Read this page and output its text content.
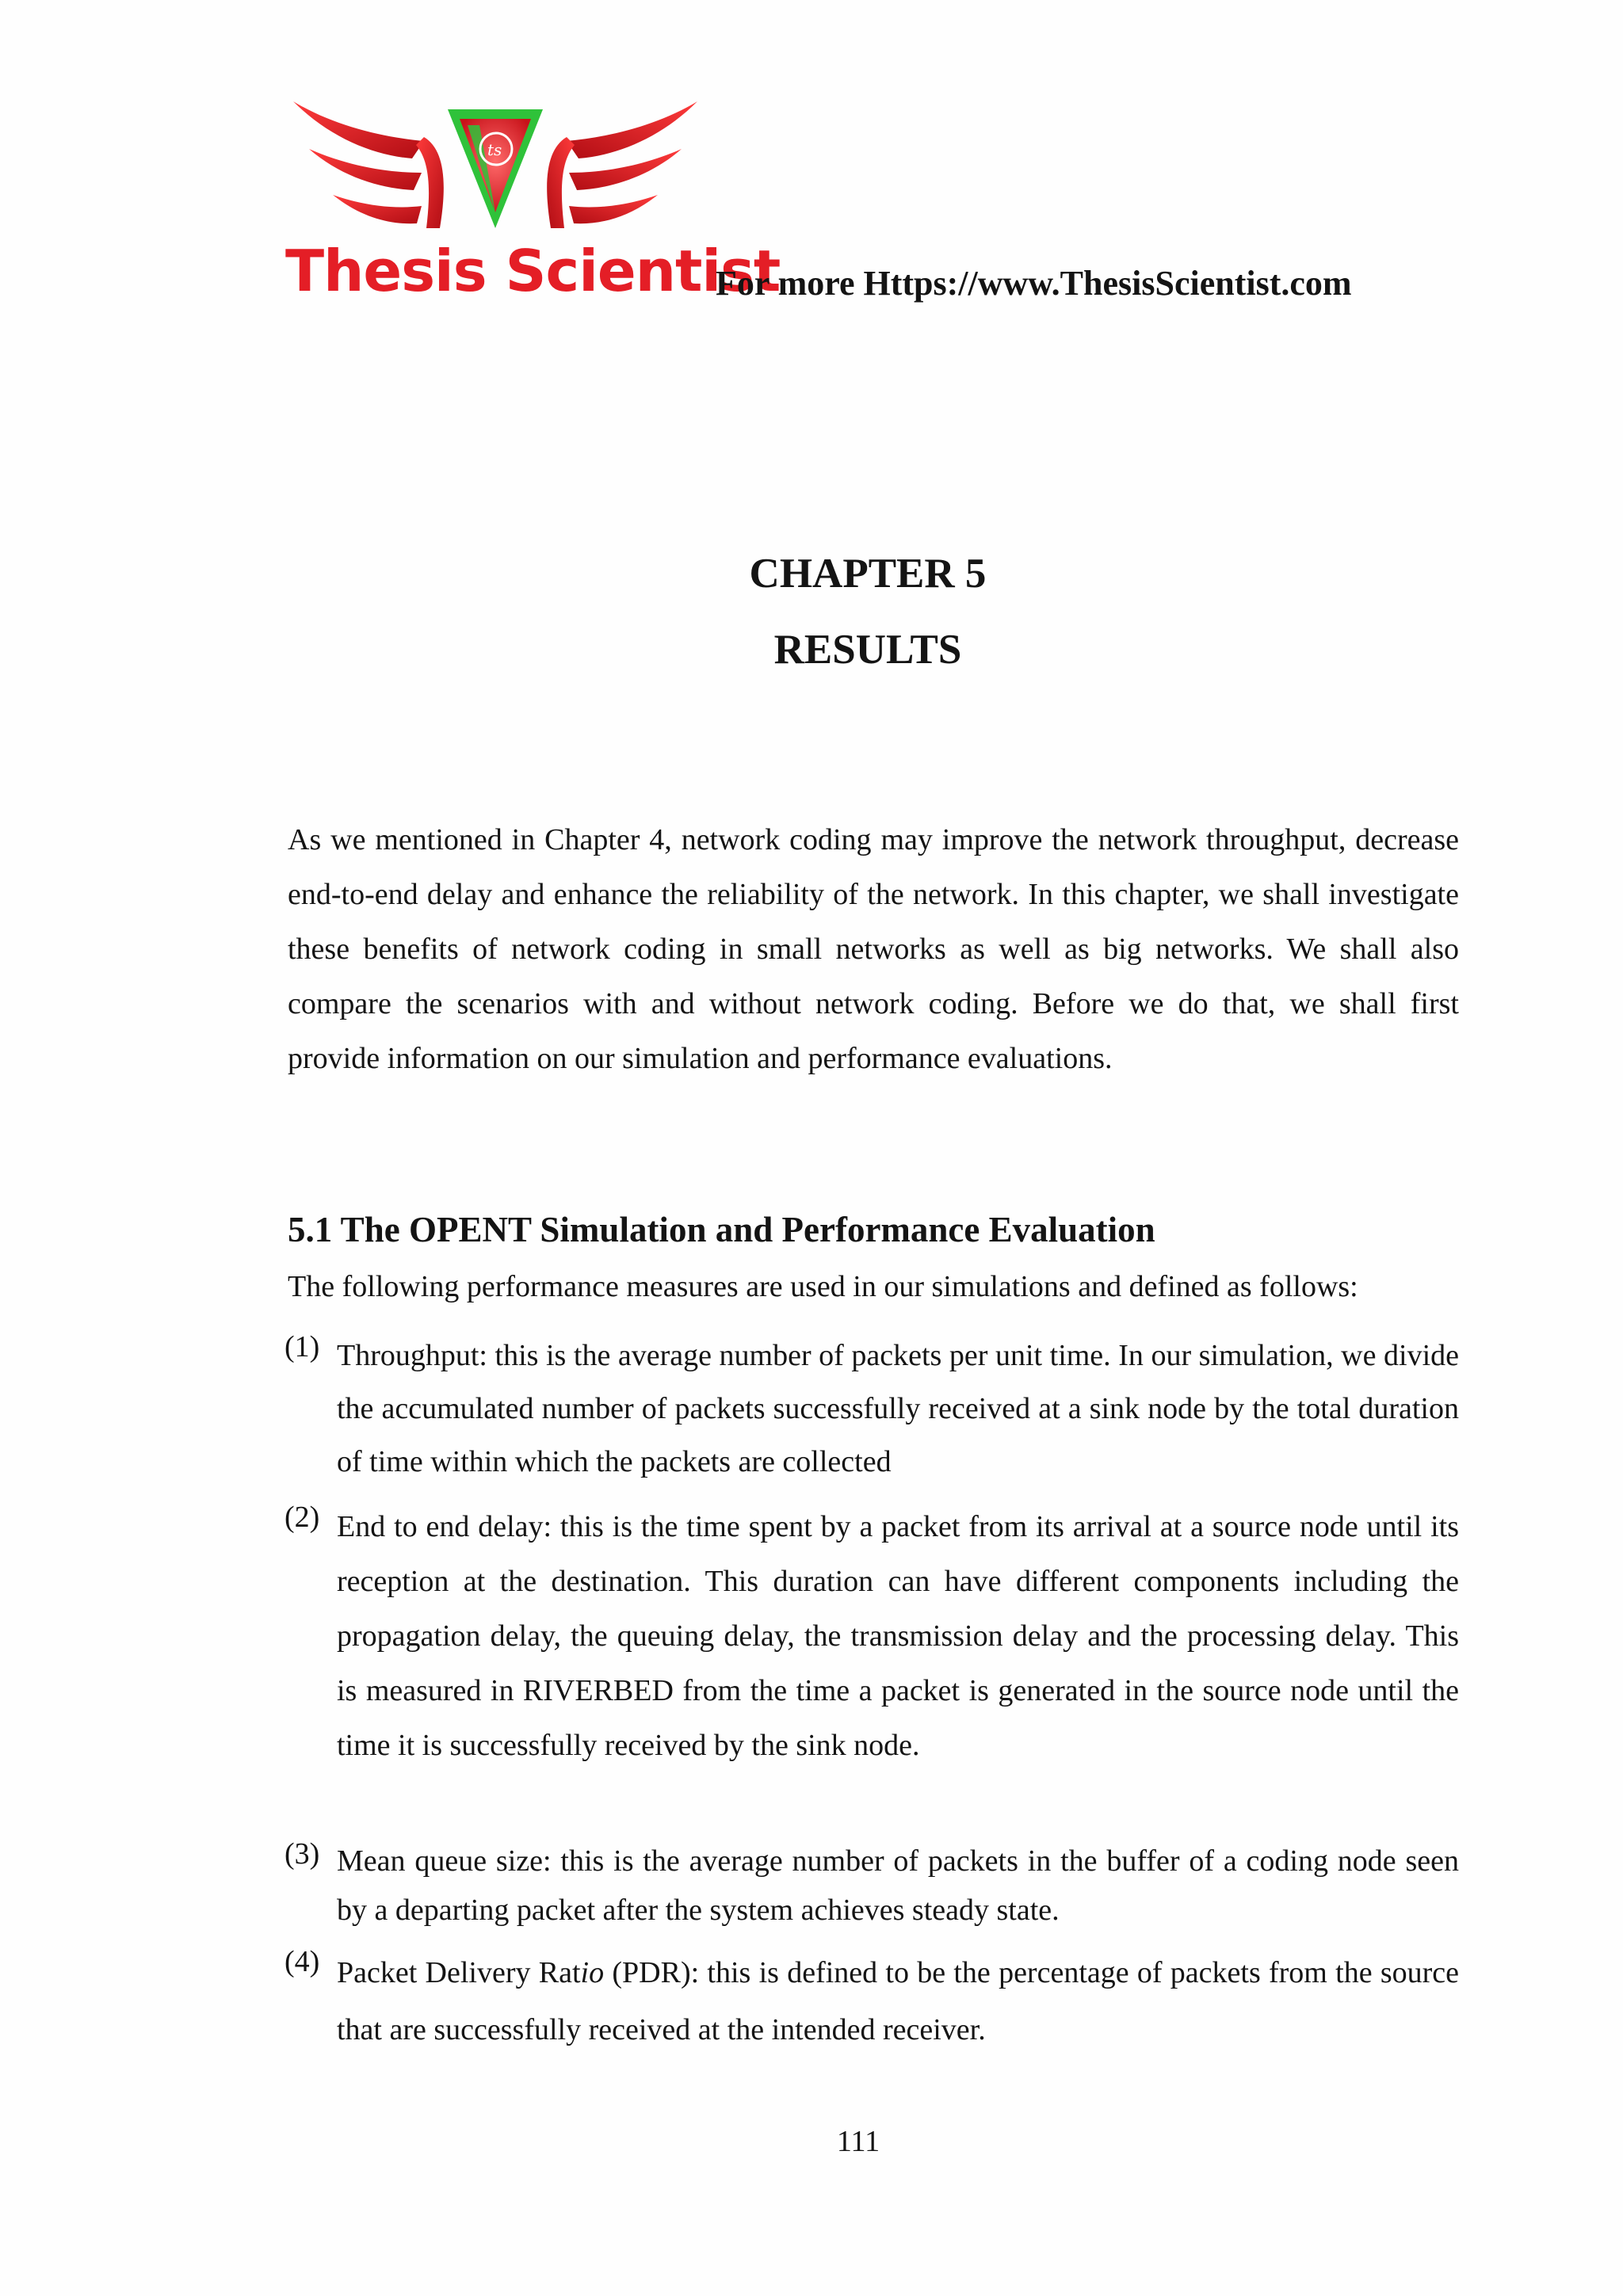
ts
Thesis Scientist
For more Https://www.ThesisScientist.com
CHAPTER 5
RESULTS
As we mentioned in Chapter 4, network coding may improve the network throughput, decrease end-to-end delay and enhance the reliability of the network. In this chapter, we shall investigate these benefits of network coding in small networks as well as big networks. We shall also compare the scenarios with and without network coding. Before we do that, we shall first provide information on our simulation and performance evaluations.
5.1 The OPENT Simulation and Performance Evaluation
The following performance measures are used in our simulations and defined as follows:
(1) Throughput: this is the average number of packets per unit time. In our simulation, we divide the accumulated number of packets successfully received at a sink node by the total duration of time within which the packets are collected
(2) End to end delay: this is the time spent by a packet from its arrival at a source node until its reception at the destination. This duration can have different components including the propagation delay, the queuing delay, the transmission delay and the processing delay. This is measured in RIVERBED from the time a packet is generated in the source node until the time it is successfully received by the sink node.
(3) Mean queue size: this is the average number of packets in the buffer of a coding node seen by a departing packet after the system achieves steady state.
(4) Packet Delivery Ratio (PDR): this is defined to be the percentage of packets from the source that are successfully received at the intended receiver.
111
